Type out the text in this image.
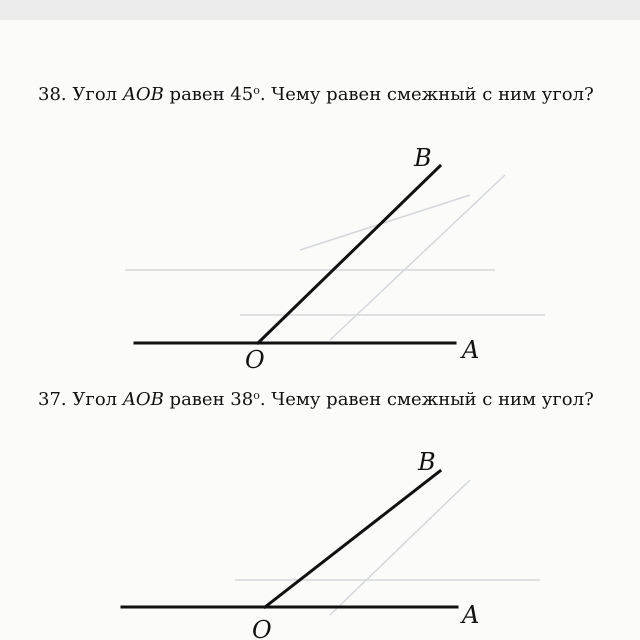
38. Угол AOB равен 45$^o$. Чему равен смежный с ним угол?
B
O	A
37. Угол AOB равен 38$^o$. Чему равен смежный с ним угол?
B
O
A
